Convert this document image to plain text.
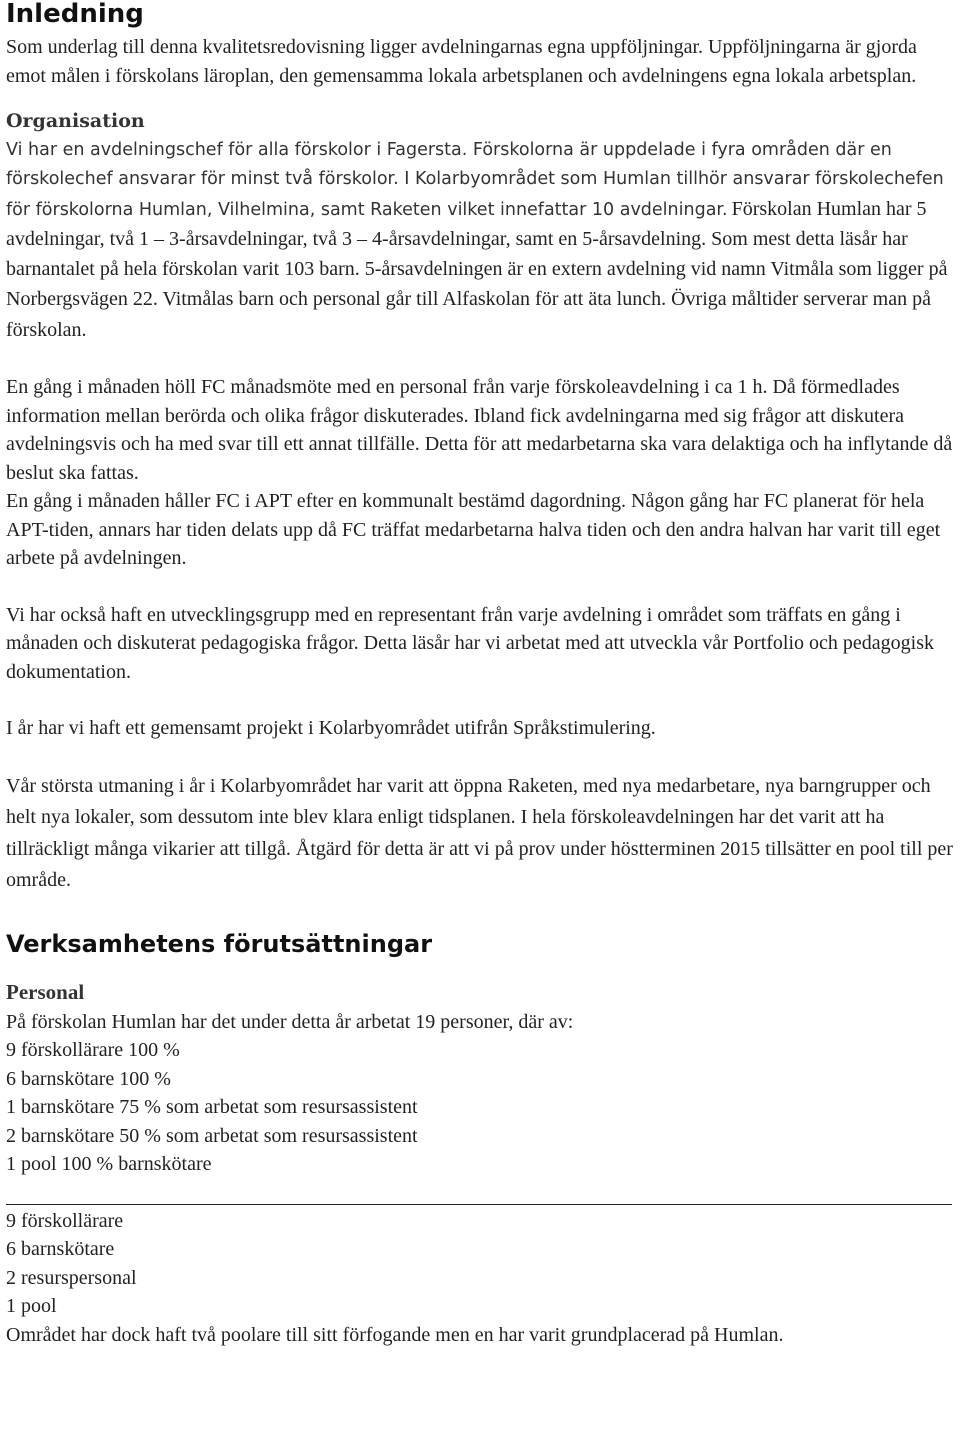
Inledning

Som underlag till denna kvalitetsredovisning ligger avdelningarnas egna uppföljningar. Uppföljningarna är gjorda emot målen i förskolans läroplan, den gemensamma lokala arbetsplanen och avdelningens egna lokala arbetsplan.

Organisation

Vi har en avdelningschef för alla förskolor i Fagersta. Förskolorna är uppdelade i fyra områden där en förskolechef ansvarar för minst två förskolor. I Kolarbyområdet som Humlan tillhör ansvarar förskolechefen för förskolorna Humlan, Vilhelmina, samt Raketen vilket innefattar 10 avdelningar. Förskolan Humlan har 5 avdelningar, två 1 – 3-årsavdelningar, två 3 – 4-årsavdelningar, samt en 5-årsavdelning. Som mest detta läsår har barnantalet på hela förskolan varit 103 barn. 5-årsavdelningen är en extern avdelning vid namn Vitmåla som ligger på Norbergsvägen 22. Vitmålas barn och personal går till Alfaskolan för att äta lunch. Övriga måltider serverar man på förskolan.

En gång i månaden höll FC månadsmöte med en personal från varje förskoleavdelning i ca 1 h. Då förmedlades information mellan berörda och olika frågor diskuterades. Ibland fick avdelningarna med sig frågor att diskutera avdelningsvis och ha med svar till ett annat tillfälle. Detta för att medarbetarna ska vara delaktiga och ha inflytande då beslut ska fattas.

En gång i månaden håller FC i APT efter en kommunalt bestämd dagordning. Någon gång har FC planerat för hela APT-tiden, annars har tiden delats upp då FC träffat medarbetarna halva tiden och den andra halvan har varit till eget arbete på avdelningen.

Vi har också haft en utvecklingsgrupp med en representant från varje avdelning i området som träffats en gång i månaden och diskuterat pedagogiska frågor. Detta läsår har vi arbetat med att utveckla vår Portfolio och pedagogisk dokumentation.

I år har vi haft ett gemensamt projekt i Kolarbyområdet utifrån Språkstimulering.

Vår största utmaning i år i Kolarbyområdet har varit att öppna Raketen, med nya medarbetare, nya barngrupper och helt nya lokaler, som dessutom inte blev klara enligt tidsplanen. I hela förskoleavdelningen har det varit att ha tillräckligt många vikarier att tillgå. Åtgärd för detta är att vi på prov under höstterminen 2015 tillsätter en pool till per område.

Verksamhetens förutsättningar

Personal

På förskolan Humlan har det under detta år arbetat 19 personer, där av:

9 förskollärare 100 %

6 barnskötare 100 %

1 barnskötare 75 % som arbetat som resursassistent

2 barnskötare 50 % som arbetat som resursassistent

1 pool 100 % barnskötare

9 förskollärare

6 barnskötare

2 resurspersonal

1 pool

Området har dock haft två poolare till sitt förfogande men en har varit grundplacerad på Humlan.
